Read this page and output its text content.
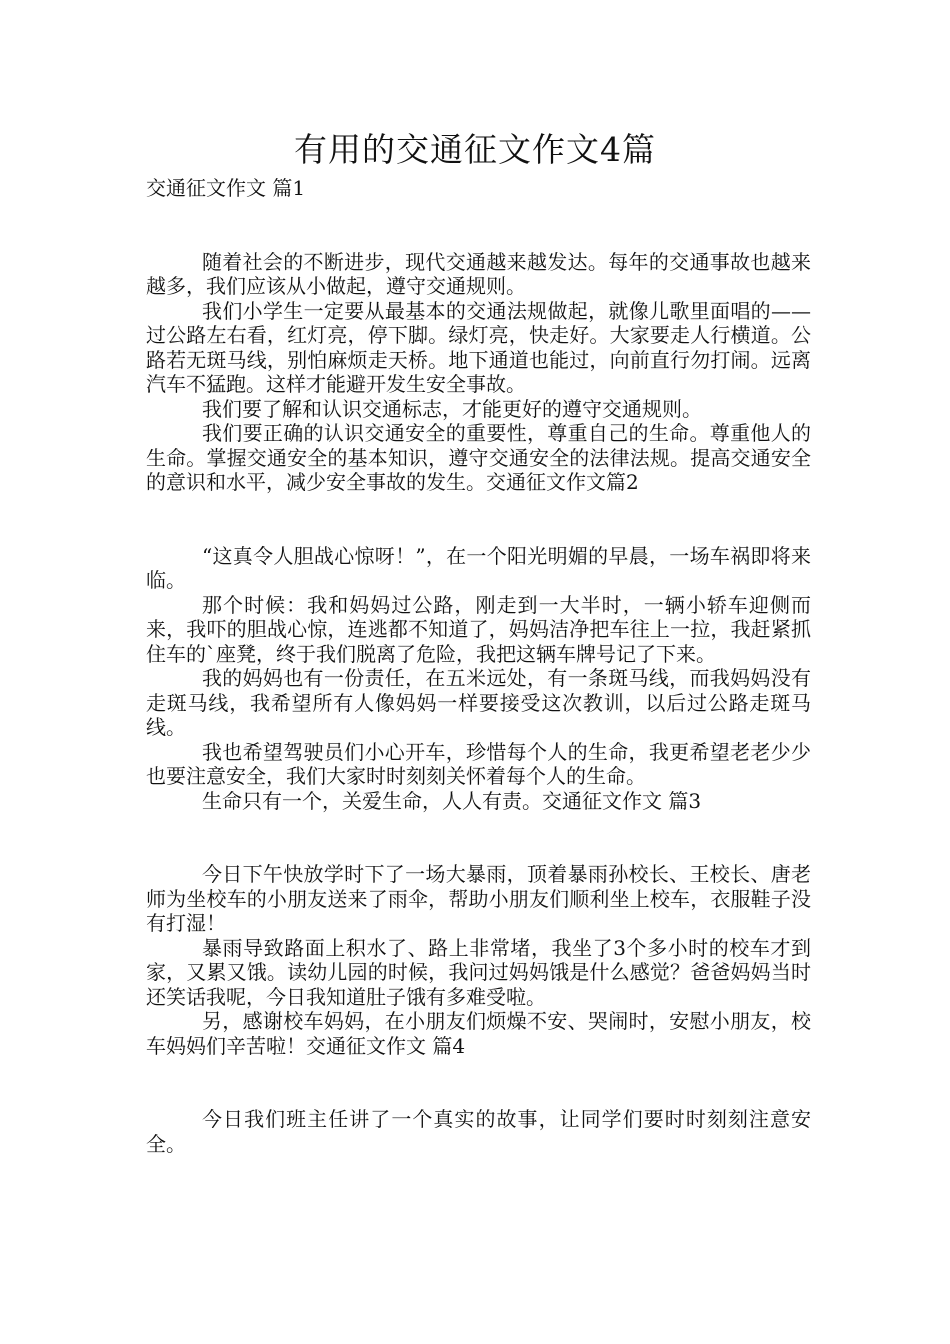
有用的交通征文作文4篇

交通征文作文 篇1

随着社会的不断进步，现代交通越来越发达。每年的交通事故也越来越多，我们应该从小做起，遵守交通规则。

我们小学生一定要从最基本的交通法规做起，就像儿歌里面唱的——过公路左右看，红灯亮，停下脚。绿灯亮，快走好。大家要走人行横道。公路若无斑马线，别怕麻烦走天桥。地下通道也能过，向前直行勿打闹。远离汽车不猛跑。这样才能避开发生安全事故。

我们要了解和认识交通标志，才能更好的遵守交通规则。

我们要正确的认识交通安全的重要性，尊重自己的生命。尊重他人的生命。掌握交通安全的基本知识，遵守交通安全的法律法规。提高交通安全的意识和水平，减少安全事故的发生。交通征文作文篇2

“这真令人胆战心惊呀！”，在一个阳光明媚的早晨，一场车祸即将来临。

那个时候：我和妈妈过公路，刚走到一大半时，一辆小轿车迎侧而来，我吓的胆战心惊，连逃都不知道了，妈妈洁净把车往上一拉，我赶紧抓住车的`座凳，终于我们脱离了危险，我把这辆车牌号记了下来。

我的妈妈也有一份责任，在五米远处，有一条斑马线，而我妈妈没有走斑马线，我希望所有人像妈妈一样要接受这次教训，以后过公路走斑马线。

我也希望驾驶员们小心开车，珍惜每个人的生命，我更希望老老少少也要注意安全，我们大家时时刻刻关怀着每个人的生命。

生命只有一个，关爱生命，人人有责。交通征文作文 篇3

今日下午快放学时下了一场大暴雨，顶着暴雨孙校长、王校长、唐老师为坐校车的小朋友送来了雨伞，帮助小朋友们顺利坐上校车，衣服鞋子没有打湿！

暴雨导致路面上积水了、路上非常堵，我坐了3个多小时的校车才到家，又累又饿。读幼儿园的时候，我问过妈妈饿是什么感觉？爸爸妈妈当时还笑话我呢，今日我知道肚子饿有多难受啦。

另，感谢校车妈妈，在小朋友们烦燥不安、哭闹时，安慰小朋友，校车妈妈们辛苦啦！交通征文作文 篇4

今日我们班主任讲了一个真实的故事，让同学们要时时刻刻注意安全。
